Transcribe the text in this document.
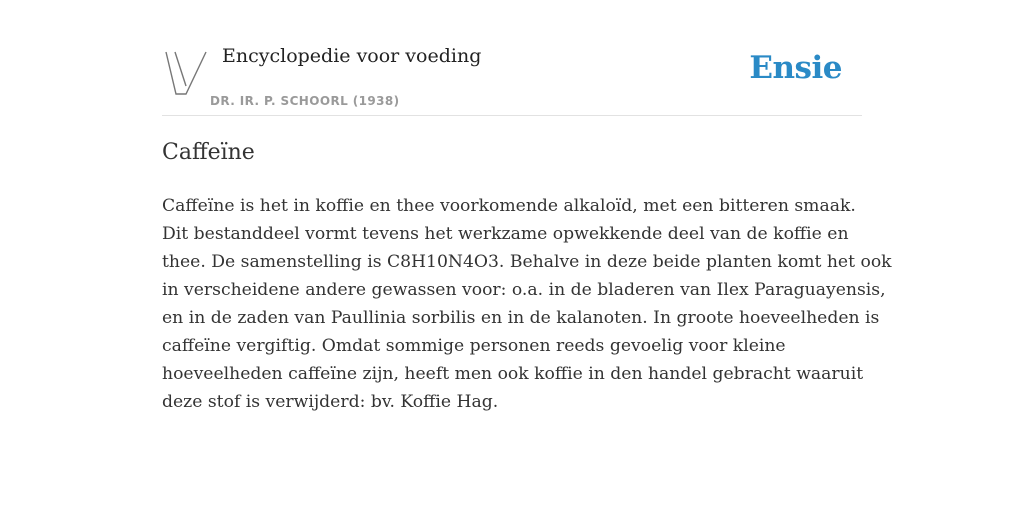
Encyclopedie voor voeding
DR. IR. P. SCHOORL (1938)
Ensie
Caffeïne

Caffeïne is het in koffie en thee voorkomende alkaloïd, met een bitteren smaak.
Dit bestanddeel vormt tevens het werkzame opwekkende deel van de koffie en
thee. De samenstelling is C8H10N4O3. Behalve in deze beide planten komt het ook
in verscheidene andere gewassen voor: o.a. in de bladeren van Ilex Paraguayensis,
en in de zaden van Paullinia sorbilis en in de kalanoten. In groote hoeveelheden is
caffeïne vergiftig. Omdat sommige personen reeds gevoelig voor kleine
hoeveelheden caffeïne zijn, heeft men ook koffie in den handel gebracht waaruit
deze stof is verwijderd: bv. Koffie Hag.
